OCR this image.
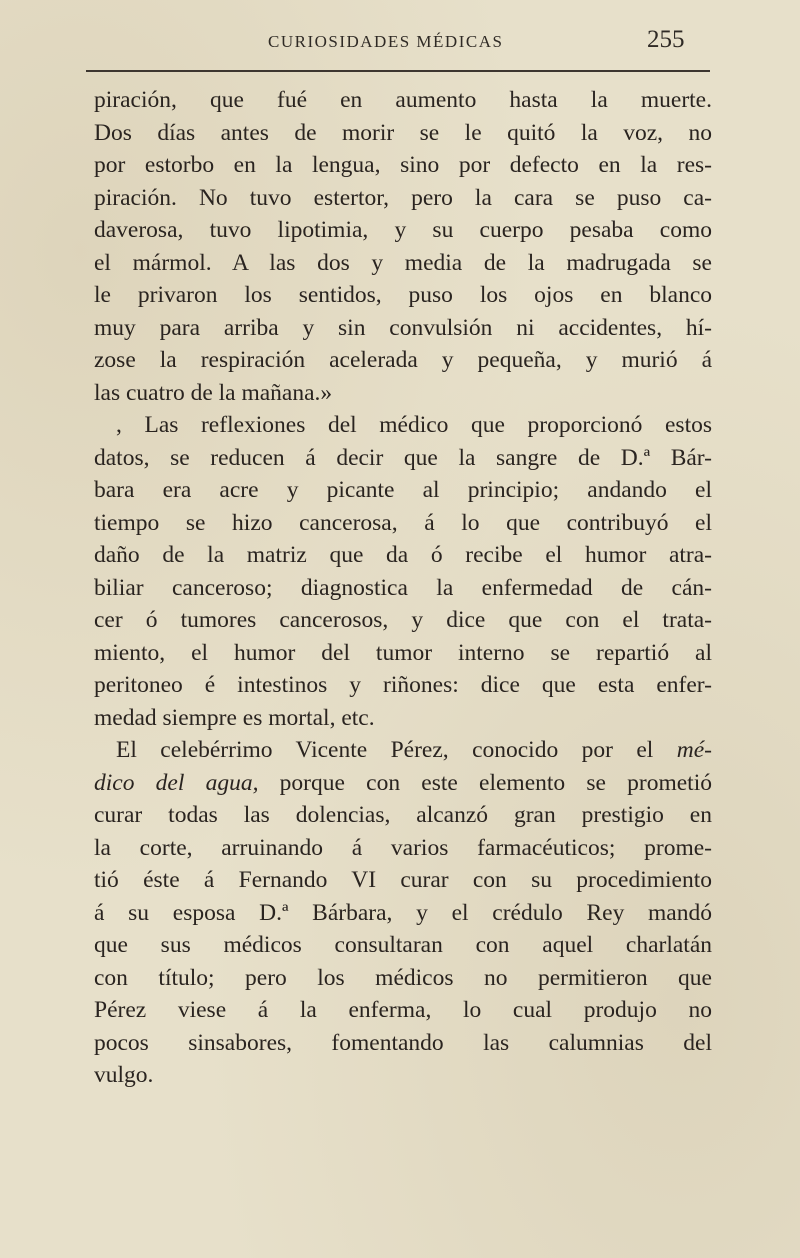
CURIOSIDADES MÉDICAS	255
piración, que fué en aumento hasta la muerte.
Dos días antes de morir se le quitó la voz, no
por estorbo en la lengua, sino por defecto en la res-
piración. No tuvo estertor, pero la cara se puso ca-
daverosa, tuvo lipotimia, y su cuerpo pesaba como
el mármol. A las dos y media de la madrugada se
le privaron los sentidos, puso los ojos en blanco
muy para arriba y sin convulsión ni accidentes, hí-
zose la respiración acelerada y pequeña, y murió á
las cuatro de la mañana.»
, Las reflexiones del médico que proporcionó estos
datos, se reducen á decir que la sangre de D.ª Bár-
bara era acre y picante al principio; andando el
tiempo se hizo cancerosa, á lo que contribuyó el
daño de la matriz que da ó recibe el humor atra-
biliar canceroso; diagnostica la enfermedad de cán-
cer ó tumores cancerosos, y dice que con el trata-
miento, el humor del tumor interno se repartió al
peritoneo é intestinos y riñones: dice que esta enfer-
medad siempre es mortal, etc.
El celebérrimo Vicente Pérez, conocido por el mé-
dico del agua, porque con este elemento se prometió
curar todas las dolencias, alcanzó gran prestigio en
la corte, arruinando á varios farmacéuticos; prome-
tió éste á Fernando VI curar con su procedimiento
á su esposa D.ª Bárbara, y el crédulo Rey mandó
que sus médicos consultaran con aquel charlatán
con título; pero los médicos no permitieron que
Pérez viese á la enferma, lo cual produjo no
pocos sinsabores, fomentando las calumnias del
vulgo.
